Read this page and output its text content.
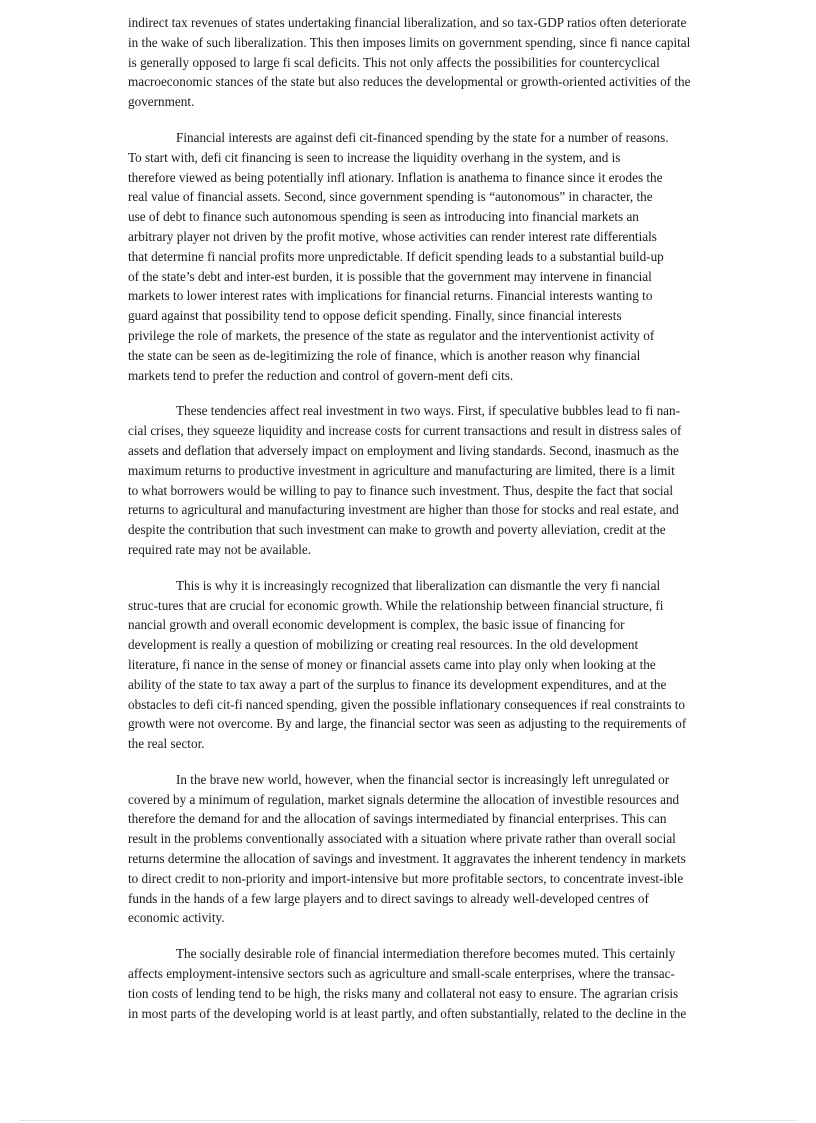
indirect tax revenues of states undertaking financial liberalization, and so tax-GDP ratios often deteriorate
in the wake of such liberalization. This then imposes limits on government spending, since fi nance capital
is generally opposed to large fi scal deficits. This not only affects the possibilities for countercyclical
macroeconomic stances of the state but also reduces the developmental or growth-oriented activities of the
government.
Financial interests are against defi cit-financed spending by the state for a number of reasons.
To start with, defi cit financing is seen to increase the liquidity overhang in the system, and is
therefore viewed as being potentially infl ationary. Inflation is anathema to finance since it erodes the
real value of financial assets. Second, since government spending is “autonomous” in character, the
use of debt to finance such autonomous spending is seen as introducing into financial markets an
arbitrary player not driven by the profit motive, whose activities can render interest rate differentials
that determine fi nancial profits more unpredictable. If deficit spending leads to a substantial build-up
of the state’s debt and inter-est burden, it is possible that the government may intervene in financial
markets to lower interest rates with implications for financial returns. Financial interests wanting to
guard against that possibility tend to oppose deficit spending. Finally, since financial interests
privilege the role of markets, the presence of the state as regulator and the interventionist activity of
the state can be seen as de-legitimizing the role of finance, which is another reason why financial
markets tend to prefer the reduction and control of govern-ment defi cits.
These tendencies affect real investment in two ways. First, if speculative bubbles lead to fi nan-
cial crises, they squeeze liquidity and increase costs for current transactions and result in distress sales of
assets and deflation that adversely impact on employment and living standards. Second, inasmuch as the
maximum returns to productive investment in agriculture and manufacturing are limited, there is a limit
to what borrowers would be willing to pay to finance such investment. Thus, despite the fact that social
returns to agricultural and manufacturing investment are higher than those for stocks and real estate, and
despite the contribution that such investment can make to growth and poverty alleviation, credit at the
required rate may not be available.
This is why it is increasingly recognized that liberalization can dismantle the very fi nancial
struc-tures that are crucial for economic growth. While the relationship between financial structure, fi
nancial growth and overall economic development is complex, the basic issue of financing for
development is really a question of mobilizing or creating real resources. In the old development
literature, fi nance in the sense of money or financial assets came into play only when looking at the
ability of the state to tax away a part of the surplus to finance its development expenditures, and at the
obstacles to defi cit-fi nanced spending, given the possible inflationary consequences if real constraints to
growth were not overcome. By and large, the financial sector was seen as adjusting to the requirements of
the real sector.
In the brave new world, however, when the financial sector is increasingly left unregulated or
covered by a minimum of regulation, market signals determine the allocation of investible resources and
therefore the demand for and the allocation of savings intermediated by financial enterprises. This can
result in the problems conventionally associated with a situation where private rather than overall social
returns determine the allocation of savings and investment. It aggravates the inherent tendency in markets
to direct credit to non-priority and import-intensive but more profitable sectors, to concentrate invest-ible
funds in the hands of a few large players and to direct savings to already well-developed centres of
economic activity.
The socially desirable role of financial intermediation therefore becomes muted. This certainly
affects employment-intensive sectors such as agriculture and small-scale enterprises, where the transac-
tion costs of lending tend to be high, the risks many and collateral not easy to ensure. The agrarian crisis
in most parts of the developing world is at least partly, and often substantially, related to the decline in the
